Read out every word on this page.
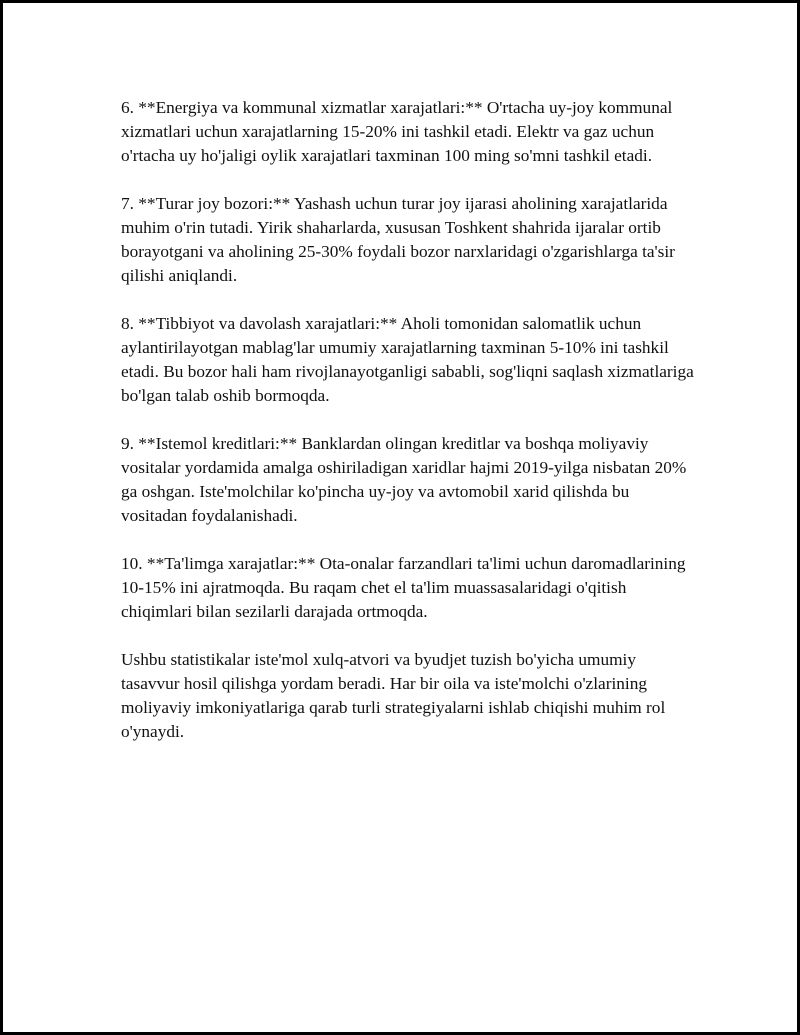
6. **Energiya va kommunal xizmatlar xarajatlari:** O'rtacha uy-joy kommunal xizmatlari uchun xarajatlarning 15-20% ini tashkil etadi. Elektr va gaz uchun o'rtacha uy ho'jaligi oylik xarajatlari taxminan 100 ming so'mni tashkil etadi.

7. **Turar joy bozori:** Yashash uchun turar joy ijarasi aholining xarajatlarida muhim o'rin tutadi. Yirik shaharlarda, xususan Toshkent shahrida ijaralar ortib borayotgani va aholining 25-30% foydali bozor narxlaridagi o'zgarishlarga ta'sir qilishi aniqlandi.

8. **Tibbiyot va davolash xarajatlari:** Aholi tomonidan salomatlik uchun aylantirilayotgan mablag'lar umumiy xarajatlarning taxminan 5-10% ini tashkil etadi. Bu bozor hali ham rivojlanayotganligi sababli, sog'liqni saqlash xizmatlariga bo'lgan talab oshib bormoqda.

9. **Istemol kreditlari:** Banklardan olingan kreditlar va boshqa moliyaviy vositalar yordamida amalga oshiriladigan xaridlar hajmi 2019-yilga nisbatan 20% ga oshgan. Iste'molchilar ko'pincha uy-joy va avtomobil xarid qilishda bu vositadan foydalanishadi.

10. **Ta'limga xarajatlar:** Ota-onalar farzandlari ta'limi uchun daromadlarining 10-15% ini ajratmoqda. Bu raqam chet el ta'lim muassasalaridagi o'qitish chiqimlari bilan sezilarli darajada ortmoqda.

Ushbu statistikalar iste'mol xulq-atvori va byudjet tuzish bo'yicha umumiy tasavvur hosil qilishga yordam beradi. Har bir oila va iste'molchi o'zlarining moliyaviy imkoniyatlariga qarab turli strategiyalarni ishlab chiqishi muhim rol o'ynaydi.
